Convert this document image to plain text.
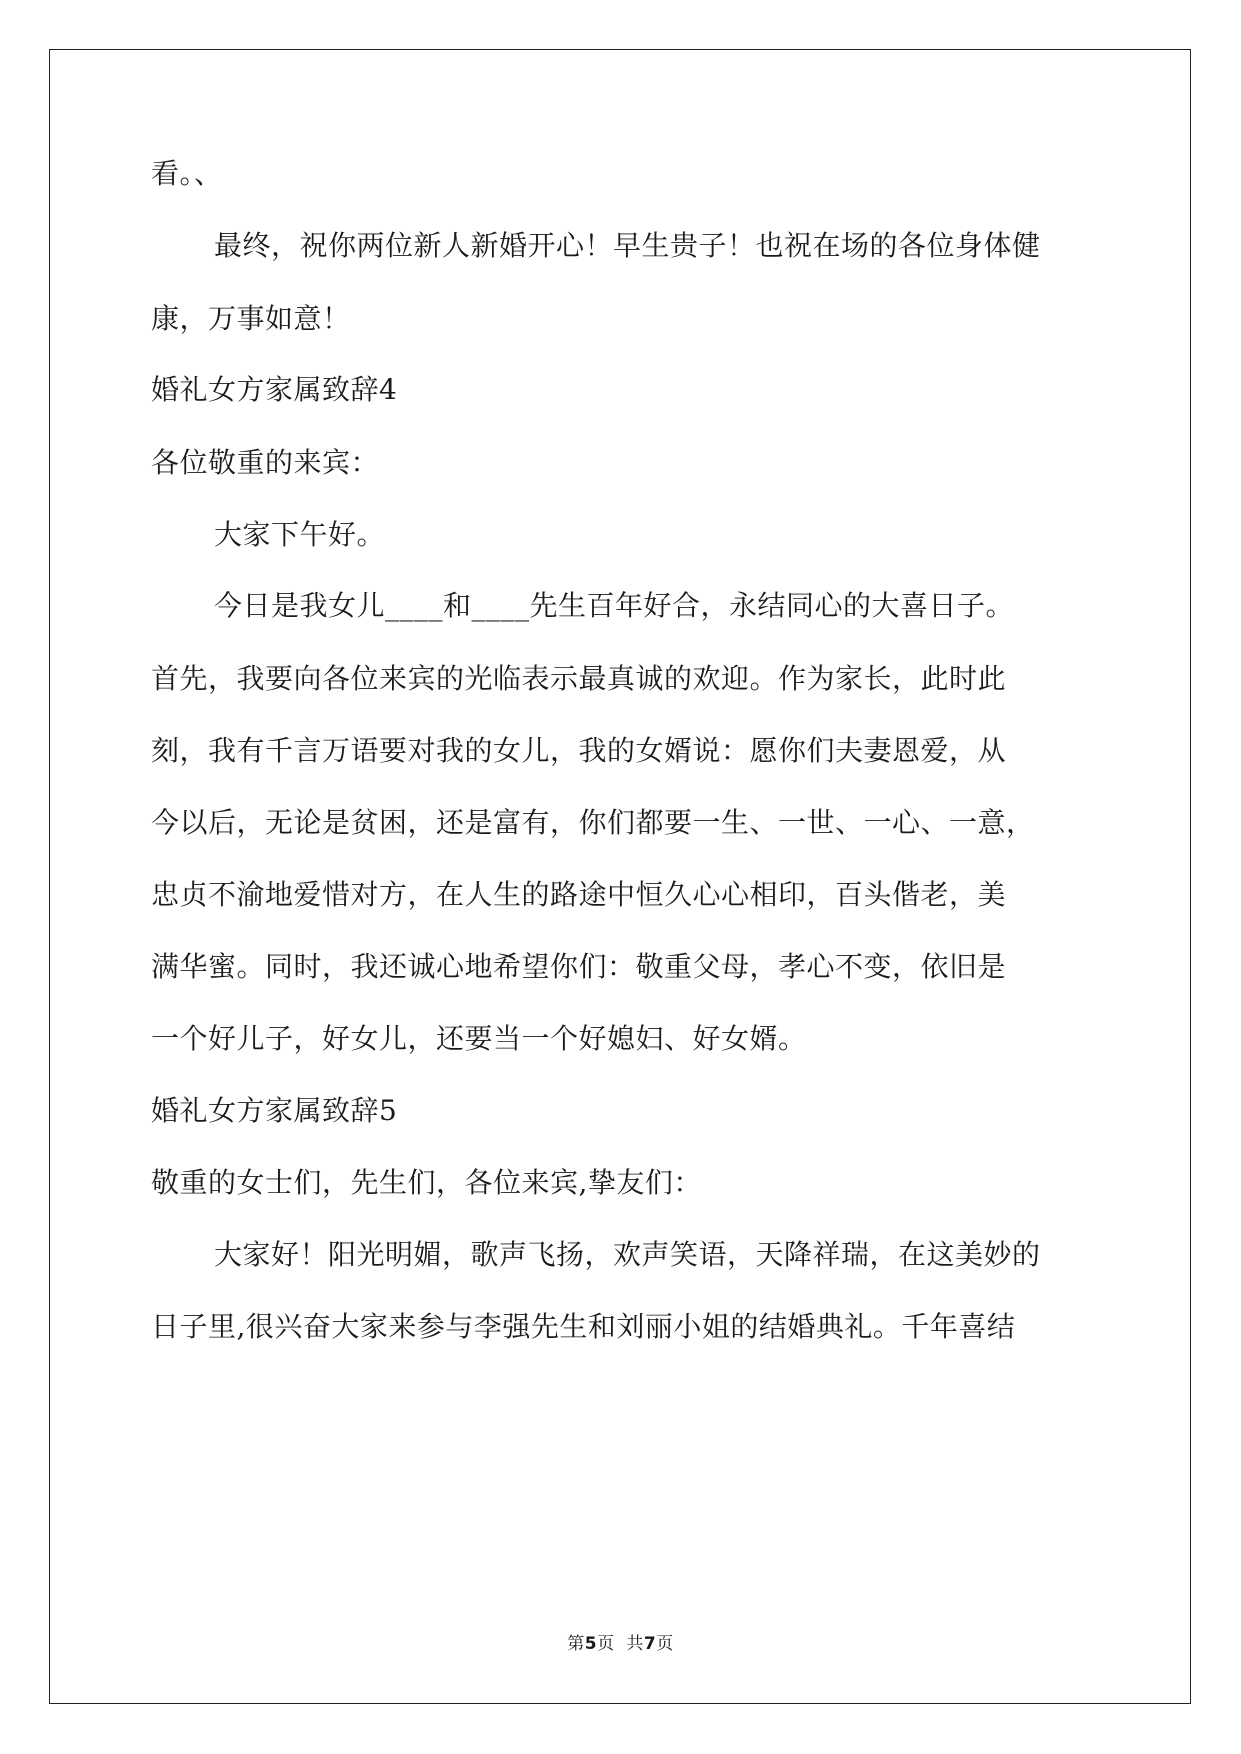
看。、
最终，祝你两位新人新婚开心！早生贵子！也祝在场的各位身体健
康，万事如意！
婚礼女方家属致辞4
各位敬重的来宾：
大家下午好。
今日是我女儿____和____先生百年好合，永结同心的大喜日子。
首先，我要向各位来宾的光临表示最真诚的欢迎。作为家长，此时此
刻，我有千言万语要对我的女儿，我的女婿说：愿你们夫妻恩爱，从
今以后，无论是贫困，还是富有，你们都要一生、一世、一心、一意，
忠贞不渝地爱惜对方，在人生的路途中恒久心心相印，百头偕老，美
满华蜜。同时，我还诚心地希望你们：敬重父母，孝心不变，依旧是
一个好儿子，好女儿，还要当一个好媳妇、好女婿。
婚礼女方家属致辞5
敬重的女士们，先生们，各位来宾,挚友们：
大家好！阳光明媚，歌声飞扬，欢声笑语，天降祥瑞，在这美妙的
日子里,很兴奋大家来参与李强先生和刘丽小姐的结婚典礼。千年喜结
第5页  共7页
